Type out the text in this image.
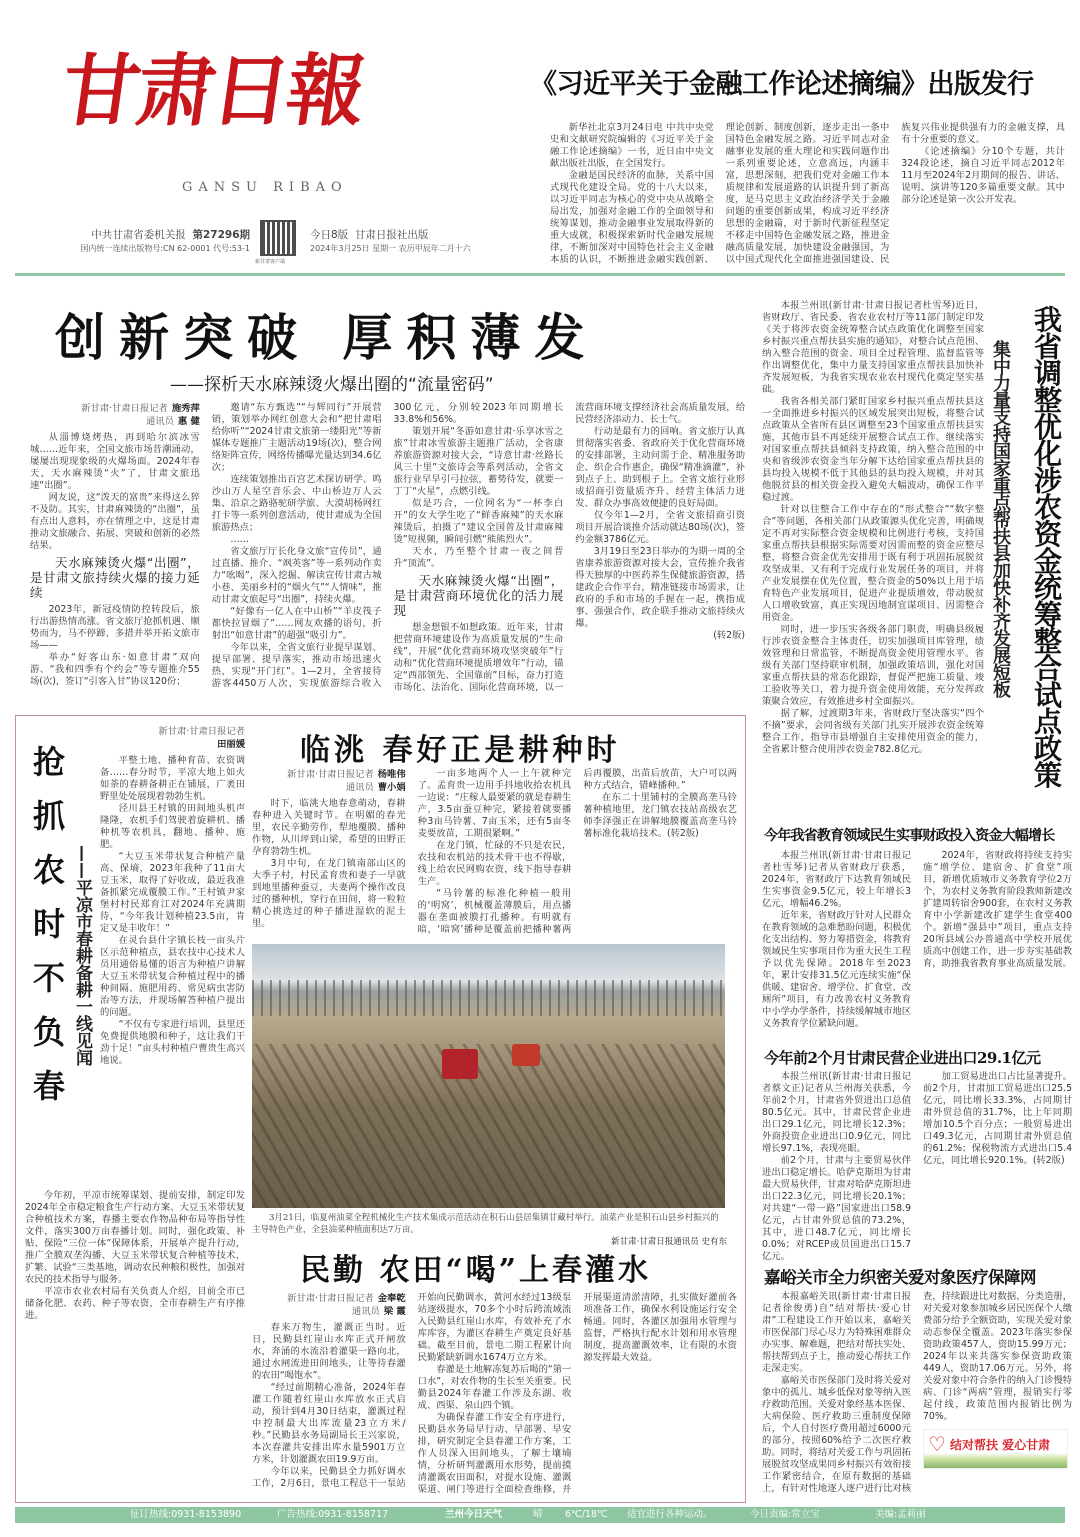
甘肃日報
GANSU RIBAO
中共甘肃省委机关报 第27296期
国内统一连续出版物号:CN 62-0001 代号:53-1
新甘肃客户端
今日8版 甘肃日报社出版
2024年3月25日 星期一 农历甲辰年二月十六
《习近平关于金融工作论述摘编》出版发行

新华社北京3月24日电 中共中央党史和文献研究院编辑的《习近平关于金融工作论述摘编》一书，近日由中央文献出版社出版，在全国发行。

金融是国民经济的血脉，关系中国式现代化建设全局。党的十八大以来，以习近平同志为核心的党中央从战略全局出发，加强对金融工作的全面领导和统筹谋划，推动金融事业发展取得新的重大成就，积极探索新时代金融发展规律，不断加深对中国特色社会主义金融本质的认识，不断推进金融实践创新、理论创新、制度创新，逐步走出一条中国特色金融发展之路。习近平同志对金融事业发展的重大理论和实践问题作出一系列重要论述，立意高远，内涵丰富，思想深刻，把我们党对金融工作本质规律和发展道路的认识提升到了新高度，是马克思主义政治经济学关于金融问题的重要创新成果，构成习近平经济思想的金融篇，对于新时代新征程坚定不移走中国特色金融发展之路，推进金融高质量发展，加快建设金融强国，为以中国式现代化全面推进强国建设、民族复兴伟业提供强有力的金融支撑，具有十分重要的意义。

《论述摘编》分10个专题，共计324段论述，摘自习近平同志2012年11月至2024年2月期间的报告、讲话、说明、演讲等120多篇重要文献。其中部分论述是第一次公开发表。

创新突破 厚积薄发
——探析天水麻辣烫火爆出圈的“流量密码”
新甘肃·甘肃日报记者 施秀萍
通讯员 惠 健

从淄博烧烤热，再到哈尔滨冰雪城……近年来，全国文旅市场昔潮涌动，屡屡出现现象级的火爆场面。2024年春天，天水麻辣烫“火”了，甘肃文旅迅速“出圈”。

网友说，这“泼天的富贵”来得这么猝不及防。其实，甘肃麻辣烫的“出圈”，虽有点出人意料，亦在情理之中，这是甘肃推动文旅融合、拓展、突破和创新的必然结果。

天水麻辣烫火爆“出圈”，是甘肃文旅持续火爆的接力延续

2023年，新冠疫情防控转段后，旅行出游热情高涨。省文旅厅抢抓机遇、顺势而为，马不停蹄、多措并举开拓文旅市场——

举办“好客山东·如意甘肃”双向游、“我和四季有个约会”等专题推介55场(次)，签订“引客入甘”协议120份；

邀请“东方甄选”“与辉同行”开展营销，策划举办网红创意大会和“把甘肃唱给你听”“2024甘肃文旅第一缕阳光”等新媒体专题推广主题活动19场(次)，整合网络矩阵宣传，网络传播曝光量达到34.6亿次；

连续策划推出百宫艺术探访研学、鸣沙山万人星空音乐会、中山桥边万人云集、沿京之路骆驼研学旅、大漠胡杨网红打卡等一系列创意活动，使甘肃成为全国旅游热点；

……

省文旅厅厅长化身文旅“宣传员”，通过直播、推介、“飒英客”等一系列动作卖力“吆喝”，深入挖掘、解读宣传甘肃古城小巷、美丽乡村的“烟火气”“人情味”，推动甘肃文旅起号“出圈”，持续火爆。

“好像有一亿人在中山桥”“羊皮筏子都快拉冒烟了”……网友欢播的语句，折射出“如意甘肃”的超强“吸引力”。

今年以来，全省文旅行业提早谋划、提早部署、提早落实，推动市场迅速火热，实现“开门红”。1—2月，全省接待游客4450万人次，实现旅游综合收入300亿元，分别较2023年同期增长33.8%和56%。

策划开展“冬游如意甘肃·乐享冰雪之旅”甘肃冰雪旅游主题推广活动，全省康养旅游资源对接大会，“诗意甘肃·丝路长风三十里”文旅诗会等系列活动，全省文旅行业早早引弓拉弦，蓄势待发，就要一丁丁“火星”，点燃引线。

似是巧合，一位网名为“一杯李白开”的女大学生吃了“鲜香麻辣”的天水麻辣烫后，拍摄了“建议全国普及甘肃麻辣烫”短视频，瞬间引燃“熊熊烈火”。

天水，乃至整个甘肃一夜之间晋升“顶流”。

天水麻辣烫火爆“出圈”，是甘肃营商环境优化的活力展现

想金想银不如想政策。近年来，甘肃把营商环境建设作为高质量发展的“生命线”，开展“优化营商环境攻坚突破年”行动和“优化营商环境提质增效年”行动，锚定“西部领先、全国靠前”目标，奋力打造市场化、法治化、国际化营商环境，以一流营商环境支撑经济社会高质量发展，给民营经济添动力、长士气。

行动是最有力的回响。省文旅厅认真贯彻落实省委、省政府关于优化营商环境的安排部署，主动问需于企、精准服务助企、织企合作惠企，确保“精准滴灌”，补到点子上、助到根子上。全省文旅行业形成招商引资量质齐升、经营主体活力迸发、群众办事高效便捷的良好局面。

仅今年1—2月，全省文旅招商引资项目开展洽谈推介活动就达80场(次)，签约金额3786亿元。

3月19日至23日举办的为期一周的全省康养旅游资源对接大会，宣传推介我省得天独厚的中医药养生保健旅游资源，搭建政企合作平台，精准链接市场需求，让政府的手和市场的手握在一起，携指成事、强强合作，政企联手推动文旅持续火爆。

(转2版)

本报兰州讯(新甘肃·甘肃日报记者杜雪琴)近日，省财政厅、省民委、省农业农村厅等11部门制定印发《关于将涉农资金统筹整合试点政策优化调整至国家乡村振兴重点帮扶县实施的通知》，对整合试点范围、纳入整合范围的资金、项目全过程管理、监督监管等作出调整优化，集中力量支持国家重点帮扶县加快补齐发展短板，为我省实现农业农村现代化奠定坚实基础。

我省各相关部门紧盯国家乡村振兴重点帮扶县这一全面推进乡村振兴的区域发展突出短板，将整合试点政策从全省所有县区调整至23个国家重点帮扶县实施，其他市县不再延续开展整合试点工作。继续落实对国家重点帮扶县倾斜支持政策，纳入整合范围的中央和省级涉农资金当年分解下达给国家重点帮扶县的县均投入规模不低于其他县的县均投入规模，并对其他脱贫县的相关资金投入避免大幅波动，确保工作平稳过渡。

针对以往整合工作中存在的“形式整合”“数字整合”等问题，各相关部门从政策源头优化完善，明确规定不再对实际整合资金规模和比例进行考核，支持国家重点帮扶县根据实际需要对因需而整的资金应整尽整，将整合资金优先安排用于既有利于巩固拓展脱贫攻坚成果、又有利于完成行业发展任务的项目，并将产业发展摆在优先位置，整合资金的50%以上用于培育特色产业发展项目，促进产业提质增效，带动脱贫人口增收致富，真正实现因地制宜谋项目、因需整合用资金。

同时，进一步压实各级各部门职责，明确县级履行涉农资金整合主体责任，切实加强项目库管理，绩效管理和日常监管，不断提高资金使用管理水平。省级有关部门坚持联审机制，加强政策培训，强化对国家重点帮扶县的常态化跟踪，督促严把施工质量、竣工验收等关口，着力提升资金使用效能，充分发挥政策聚合效应，有效推进乡村全面振兴。

据了解，过渡期3年来，省财政厅坚决落实“四个不摘”要求，会同省级有关部门扎实开展涉农资金统筹整合工作，指导市县增强自主安排使用资金的能力，全省累计整合使用涉农资金782.8亿元。

集中力量支持国家重点帮扶县加快补齐发展短板 我省调整优化涉农资金统筹整合试点政策
抢抓农时不负春 ——平凉市春耕备耕一线见闻
新甘肃·甘肃日报记者
田丽媛

平整土地、播种育苗、农资调备……春分时节，平凉大地上如火如荼的春耕备耕正在铺展，广袤田野里处处展现着勃勃生机。

泾川县王村镇的田间地头机声隆隆，农机手们驾驶着旋耕机、播种机等农机具，翻地、播种、施肥。

“大豆玉米带状复合种植产量高、保墒，2023年我种了11亩大豆玉米，取得了好收成，最近我准备抓紧完成覆膜工作。”王村镇尹家堡村村民郑育江对2024年充满期待，“今年我计划种植23.5亩，肯定又是丰收年！”

在灵台县什字镇长枝一亩头片区示范种植点，县农技中心技术人员用通俗易懂的语言为种植户讲解大豆玉米带状复合种植过程中的播种间隔、施肥用药、常见病虫害防治等方法，并现场解答种植户提出的问题。

“不仅有专家进行培训，县里还免费提供地膜和种子，这让我们干劲十足！”亩头村种植户曹贵生高兴地说。

今年初，平凉市统筹谋划、提前安排，制定印发2024年全市稳定粮食生产行动方案、大豆玉米带状复合种植技术方案，春播主要农作物品种布局等指导性文件，落实300万亩春播计划。同时，强化政策、补贴、保险“三位一体”保障体系，开展单产提升行动，推广全膜双垄沟播、大豆玉米带状复合种植等技术，扩繁、试验“三类基地，调动农民种粮积极性，加强对农民的技术指导与服务。

平凉市农业农村局有关负责人介绍，目前全市已储备化肥、农药、种子等农资，全市春耕生产有序推进。

临洮 春好正是耕种时
新甘肃·甘肃日报记者 杨唯伟
通讯员 曹小娟

时下，临洮大地春意萌动，春耕春种进入关键时节。在明媚的春光里，农民辛勤劳作，犁地覆膜、播种作物，从川坪到山梁，希望的田野正孕育勃勃生机。

3月中旬，在龙门镇南部山区的大季子村，村民孟育贵和妻子一早就到地里播种蚕豆，夫妻两个操作改良过的播种机，穿行在田间，将一粒粒精心挑选过的种子播进湿软的泥土里。

一亩多地两个人一上午就种完了。孟育贵一边用手抖地收拾农机具一边说：“庄稼人最要紧的就是春耕生产，3.5亩蚕豆种完，紧接着就要播种3亩马铃薯、7亩玉米，还有5亩冬麦要放苗，工期很紧啊。”

在龙门镇，忙碌的不只是农民，农技和农机站的技术骨干也不得歇，线上给农民网购农资，线下指导春耕生产。

“马铃薯的标准化种植一般用的‘明窝’，机械覆盖薄膜后，用点播器在垄面被膜打孔播种。有明就有暗，‘暗窝’播种是覆盖前把播种薯两后再覆膜，出苗后放苗，大户可以两种方式结合，错峰播种。”

在东二十里铺村的全膜高垄马铃薯种植地里，龙门镇农技站高级农艺师李泽强正在讲解地膜覆盖高垄马铃薯标准化栽培技术。(转2版)

3月21日，临夏州油菜全程机械化生产技术集成示范活动在积石山县居集镇甘藏村举行。油菜产业是积石山县乡村振兴的主导特色产业，全县油菜种植面积达7万亩。
新甘肃·甘肃日报通讯员 史有东
民勤 农田“喝”上春灌水
新甘肃·甘肃日报记者 金奉乾
通讯员 梁 霞

春来万物生，灌溉正当时。近日，民勤县红崖山水库正式开闸放水，奔涌的水流沿着灌渠一路向北，通过水闸流进田间地头，让等待春灌的农田“喝饱水”。

“经过前期精心准备，2024年春灌工作随着红崖山水库放水正式启动，预计到4月30日结束，灌溉过程中控制最大出库流量23立方米/秒。”民勤县水务局副局长王兴家说，本次春灌共安排出库水量5901万立方米，计划灌溉农田19.9万亩。

今年以来，民勤县全力抓好调水工作，2月6日，景电工程总干一泵站开始向民勤调水，黄河水经过13级泵站逐级提水，70多个小时后跨流域流入民勤县红崖山水库，有效补充了水库库容，为灌区春耕生产奠定良好基础。截至目前，景电二期工程累计向民勤紧缺新调水1674万立方米。

春灌是土地解冻复苏后喝的“第一口水”，对农作物的生长至关重要。民勤县2024年春灌工作涉及东湖、收成、西渠、泉山四个镇。

为确保春灌工作安全有序进行，民勤县水务局早行动、早部署、早安排，研究制定全县春灌工作方案，工作人员深入田间地头，了解土壤墒情，分析研判灌溉用水形势，提前摸清灌溉农田面积，对提水设施、灌溉渠道、闸门等进行全面检查维修，并开展渠道清淤清障，扎实做好灌前各项准备工作，确保水利设施运行安全畅通。同时，各灌区加强用水管理与监督，严格执行配水计划和用水管理制度，提高灌溉效率，让有限的水资源发挥最大效益。

今年我省教育领域民生实事财政投入资金大幅增长

本报兰州讯(新甘肃·甘肃日报记者杜雪琴)记者从省财政厅获悉，2024年，省财政厅下达教育领域民生实事资金9.5亿元，较上年增长3亿元，增幅46.2%。

近年来，省财政厅针对人民群众在教育领域的急难愁盼问题，积极优化支出结构、努力筹措资金，将教育领域民生实事项目作为重大民生工程予以优先保障。2018年至2023年，累计安排31.5亿元连续实施“保供暖、建宿舍、增学位、扩食堂、改厕所”项目，有力改善农村义务教育中小学办学条件，持续缓解城市地区义务教育学位紧缺问题。

2024年，省财政将持续支持实施“增学位、建宿舍、扩食堂”项目，新增优质城市义务教育学位2万个，为农村义务教育阶段教师新建改扩建周转宿舍900套，在农村义务教育中小学新建改扩建学生食堂400个。新增“强县中”项目，重点支持20所县域公办普通高中学校开展优质高中创建工作，进一步夯实基础教育，助推我省教育事业高质量发展。

今年前2个月甘肃民营企业进出口29.1亿元

本报兰州讯(新甘肃·甘肃日报记者蔡文正)记者从兰州海关获悉，今年前2个月，甘肃省外贸进出口总值80.5亿元。其中，甘肃民营企业进出口29.1亿元，同比增长12.3%；外商投资企业进出口0.9亿元，同比增长97.1%，表现亮眼。

前2个月，甘肃与主要贸易伙伴进出口稳定增长。哈萨克斯坦为甘肃最大贸易伙伴，甘肃对哈萨克斯坦进出口22.3亿元，同比增长20.1%；对共建“一带一路”国家进出口58.9亿元，占甘肃外贸总值的73.2%，其中，进口48.7亿元，同比增长0.0%；对RCEP成员国进出口15.7亿元。

加工贸易进出口占比显著提升。前2个月，甘肃加工贸易进出口25.5亿元，同比增长33.3%，占同期甘肃外贸总值的31.7%，比上年同期增加10.5个百分点；一般贸易进出口49.3亿元，占同期甘肃外贸总值的61.2%；保税物流方式进出口5.4亿元，同比增长920.1%。(转2版)

嘉峪关市全力织密关爱对象医疗保障网

本报嘉峪关讯(新甘肃·甘肃日报记者徐俊勇)自“结对帮扶·爱心甘肃”工程建设工作开始以来，嘉峪关市医保部门尽心尽力为特殊困难群众办实事、解难题，把结对帮扶实处、帮扶帮到点子上，推动爱心帮扶工作走深走实。

嘉峪关市医保部门及时将关爱对象中的孤儿、城乡低保对象等纳入医疗救助范围。关爱对象经基本医保、大病保险、医疗救助三重制度保障后，个人自付医疗费用超过6000元的部分，按照60%给予二次医疗救助。同时，将结对关爱工作与巩固拓展脱贫攻坚成果同乡村振兴有效衔接工作紧密结合，在原有数据的基础上，有针对性地逐人逐户进行比对核查，持续跟进比对数据、分类造册，对关爱对象参加城乡居民医保个人缴费部分给予全额资助，实现关爱对象动态参保全覆盖。2023年落实参保资助政策457人，资助15.99万元；2024年以来共落实参保资助政策449人，资助17.06万元。另外，将关爱对象中符合条件的纳入门诊慢特病、门诊“两病”管理，报销实行零起付线，政策范围内报销比例为70%。

♡ 结对帮扶 爱心甘肃
征订热线:0931-8153890	广告热线:0931-8158717	兰州今日天气	晴 6℃/18℃ 适宜进行各种运动。	今日责编:常立宝	美编:孟莉丽
